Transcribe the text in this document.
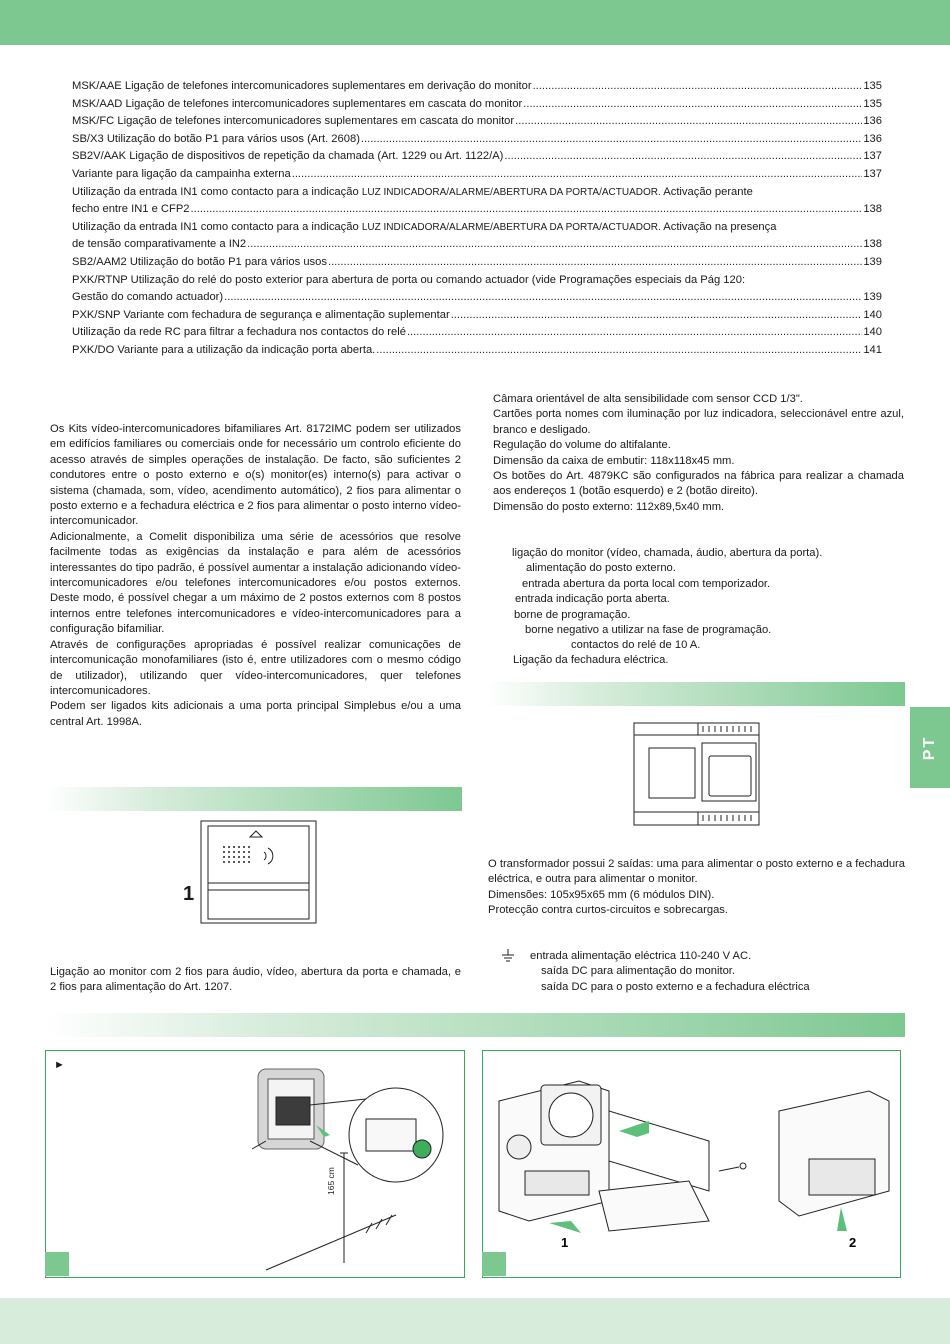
MSK/AAE Ligação de telefones intercomunicadores suplementares em derivação do monitor .....	135
MSK/AAD Ligação de telefones intercomunicadores suplementares em cascata do monitor .....	135
MSK/FC Ligação de telefones intercomunicadores suplementares em cascata do monitor .....	136
SB/X3 Utilização do botão P1 para vários usos (Art. 2608) .....	136
SB2V/AAK Ligação de dispositivos de repetição da chamada (Art. 1229 ou Art. 1122/A) .....	137
Variante para ligação da campainha externa .....	137
Utilização da entrada IN1 como contacto para a indicação LUZ INDICADORA/ALARME/ABERTURA DA PORTA/ACTUADOR. Activação perante
fecho entre IN1 e CFP2 .....	138
Utilização da entrada IN1 como contacto para a indicação LUZ INDICADORA/ALARME/ABERTURA DA PORTA/ACTUADOR. Activação na presença
de tensão comparativamente a IN2 .....	138
SB2/AAM2 Utilização do botão P1 para vários usos .....	139
PXK/RTNP Utilização do relé do posto exterior para abertura de porta ou comando actuador (vide Programações especiais da Pág 120:
Gestão do comando actuador) .....	139
PXK/SNP Variante com fechadura de segurança e alimentação suplementar .....	140
Utilização da rede RC para filtrar a fechadura nos contactos do relé .....	140
PXK/DO Variante para a utilização da indicação porta aberta. .....	141

Os Kits vídeo-intercomunicadores bifamiliares Art. 8172IMC podem ser utilizados em edifícios familiares ou comerciais onde for necessário um controlo eficiente do acesso através de simples operações de instalação. De facto, são suficientes 2 condutores entre o posto externo e o(s) monitor(es) interno(s) para activar o sistema (chamada, som, vídeo, acendimento automático), 2 fios para alimentar o posto externo e a fechadura eléctrica e 2 fios para alimentar o posto interno vídeo-intercomunicador.

Adicionalmente, a Comelit disponibiliza uma série de acessórios que resolve facilmente todas as exigências da instalação e para além de acessórios interessantes do tipo padrão, é possível aumentar a instalação adicionando vídeo-intercomunicadores e/ou telefones intercomunicadores e/ou postos externos. Deste modo, é possível chegar a um máximo de 2 postos externos com 8 postos internos entre telefones intercomunicadores e vídeo-intercomunicadores para a configuração bifamiliar.

Através de configurações apropriadas é possível realizar comunicações de intercomunicação monofamiliares (isto é, entre utilizadores com o mesmo código de utilizador), utilizando quer vídeo-intercomunicadores, quer telefones intercomunicadores.

Podem ser ligados kits adicionais a uma porta principal Simplebus e/ou a uma central Art. 1998A.

Câmara orientável de alta sensibilidade com sensor CCD 1/3".

Cartões porta nomes com iluminação por luz indicadora, seleccionável entre azul, branco e desligado.

Regulação do volume do altifalante.

Dimensão da caixa de embutir: 118x118x45 mm.

Os botões do Art. 4879KC são configurados na fábrica para realizar a chamada aos endereços 1 (botão esquerdo) e 2 (botão direito).

Dimensão do posto externo: 112x89,5x40 mm.

ligação do monitor (vídeo, chamada, áudio, abertura da porta).
alimentação do posto externo.
entrada abertura da porta local com temporizador.
entrada indicação porta aberta.
borne de programação.
borne negativo a utilizar na fase de programação.
contactos do relé de 10 A.
Ligação da fechadura eléctrica.
PT

O transformador possui 2 saídas: uma para alimentar o posto externo e a fechadura eléctrica, e outra para alimentar o monitor.

Dimensões: 105x95x65 mm (6 módulos DIN).

Protecção contra curtos-circuitos e sobrecargas.

entrada alimentação eléctrica 110-240 V AC.
saída DC para alimentação do monitor.
saída DC para o posto externo e a fechadura eléctrica
1
Ligação ao monitor com 2 fios para áudio, vídeo, abertura da porta e chamada, e 2 fios para alimentação do Art. 1207.
►
165 cm
1	2
